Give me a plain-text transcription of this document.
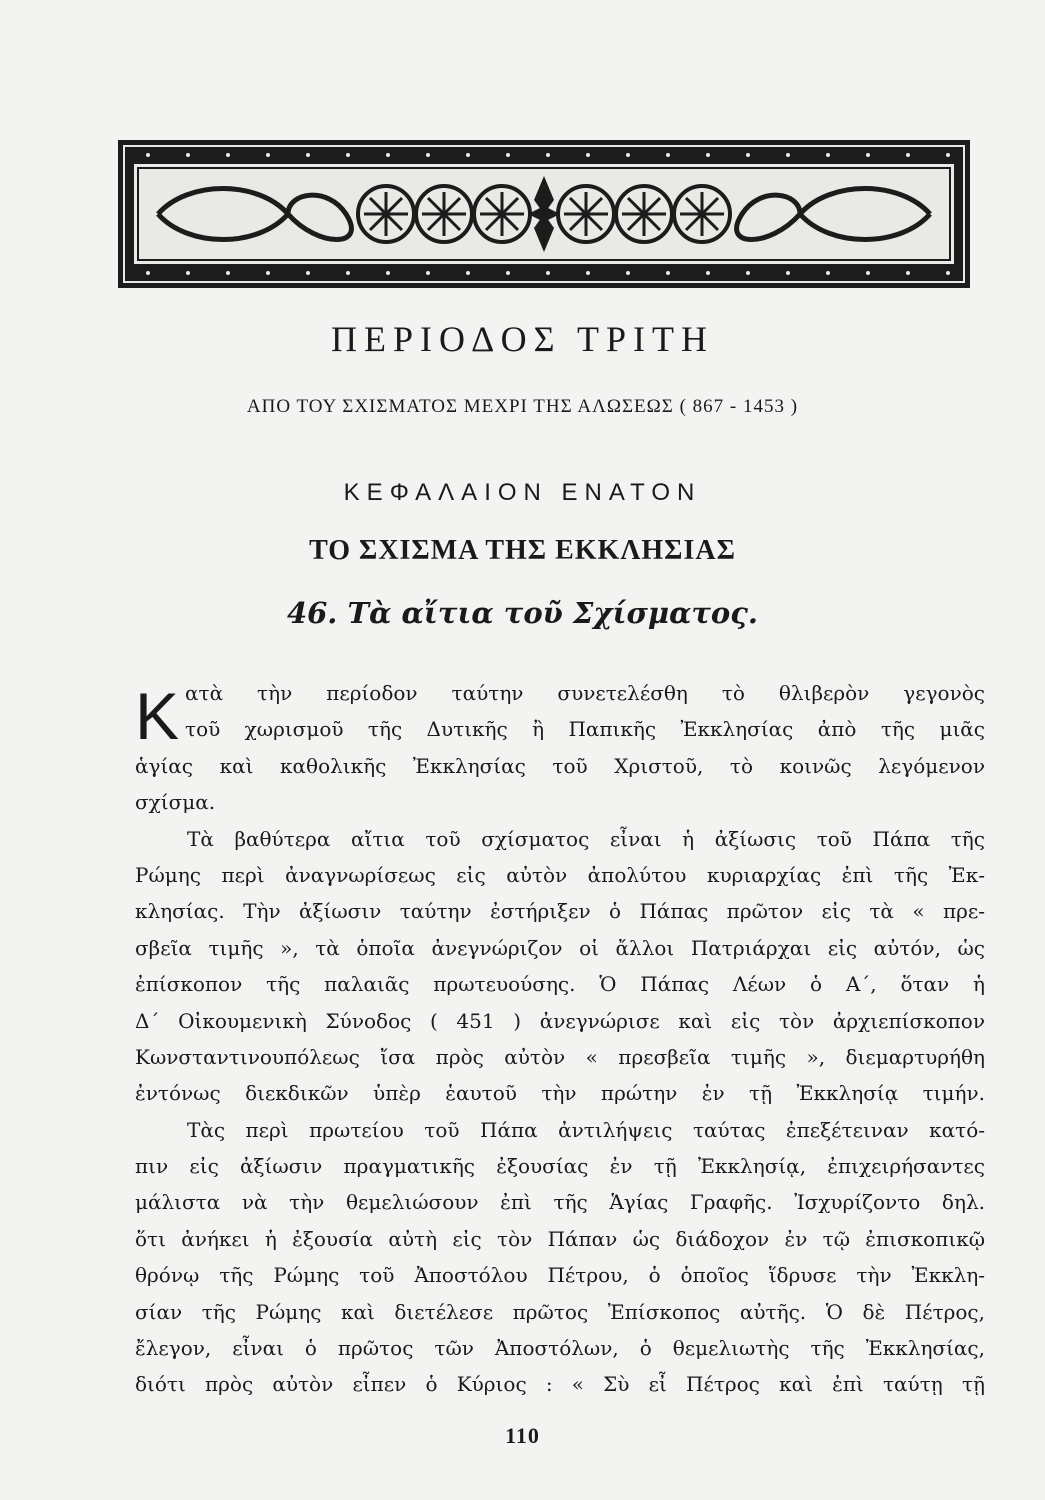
ΠΕΡΙΟΔΟΣ ΤΡΙΤΗ

ΑΠΟ ΤΟΥ ΣΧΙΣΜΑΤΟΣ ΜΕΧΡΙ ΤΗΣ ΑΛΩΣΕΩΣ ( 867 - 1453 )

ΚΕΦΑΛΑΙΟΝ ΕΝΑΤΟΝ

ΤΟ ΣΧΙΣΜΑ ΤΗΣ ΕΚΚΛΗΣΙΑΣ
46. Τὰ αἴτια τοῦ Σχίσματος.
K ατὰ τὴν περίοδον ταύτην συνετελέσθη τὸ θλιβερὸν γεγονὸς
τοῦ χωρισμοῦ τῆς Δυτικῆς ἢ Παπικῆς Ἐκκλησίας ἀπὸ τῆς μιᾶς
ἁγίας καὶ καθολικῆς Ἐκκλησίας τοῦ Χριστοῦ, τὸ κοινῶς λεγόμενον
σχίσμα.
Τὰ βαθύτερα αἴτια τοῦ σχίσματος εἶναι ἡ ἀξίωσις τοῦ Πάπα τῆς
Ρώμης περὶ ἀναγνωρίσεως εἰς αὐτὸν ἀπολύτου κυριαρχίας ἐπὶ τῆς Ἐκ-
κλησίας. Τὴν ἀξίωσιν ταύτην ἐστήριξεν ὁ Πάπας πρῶτον εἰς τὰ « πρε-
σβεῖα τιμῆς », τὰ ὁποῖα ἀνεγνώριζον οἱ ἄλλοι Πατριάρχαι εἰς αὐτόν, ὡς
ἐπίσκοπον τῆς παλαιᾶς πρωτευούσης. Ὁ Πάπας Λέων ὁ Α΄, ὅταν ἡ
Δ΄ Οἰκουμενικὴ Σύνοδος ( 451 ) ἀνεγνώρισε καὶ εἰς τὸν ἀρχιεπίσκοπον
Κωνσταντινουπόλεως ἴσα πρὸς αὐτὸν « πρεσβεῖα τιμῆς », διεμαρτυρήθη
ἐντόνως διεκδικῶν ὑπὲρ ἑαυτοῦ τὴν πρώτην ἐν τῇ Ἐκκλησίᾳ τιμήν.
Τὰς περὶ πρωτείου τοῦ Πάπα ἀντιλήψεις ταύτας ἐπεξέτειναν κατό-
πιν εἰς ἀξίωσιν πραγματικῆς ἐξουσίας ἐν τῇ Ἐκκλησίᾳ, ἐπιχειρήσαντες
μάλιστα νὰ τὴν θεμελιώσουν ἐπὶ τῆς Ἁγίας Γραφῆς. Ἰσχυρίζοντο δηλ.
ὅτι ἀνήκει ἡ ἐξουσία αὐτὴ εἰς τὸν Πάπαν ὡς διάδοχον ἐν τῷ ἐπισκοπικῷ
θρόνῳ τῆς Ρώμης τοῦ Ἀποστόλου Πέτρου, ὁ ὁποῖος ἵδρυσε τὴν Ἐκκλη-
σίαν τῆς Ρώμης καὶ διετέλεσε πρῶτος Ἐπίσκοπος αὐτῆς. Ὁ δὲ Πέτρος,
ἔλεγον, εἶναι ὁ πρῶτος τῶν Ἀποστόλων, ὁ θεμελιωτὴς τῆς Ἐκκλησίας,
διότι πρὸς αὐτὸν εἶπεν ὁ Κύριος : « Σὺ εἶ Πέτρος καὶ ἐπὶ ταύτῃ τῇ
110
